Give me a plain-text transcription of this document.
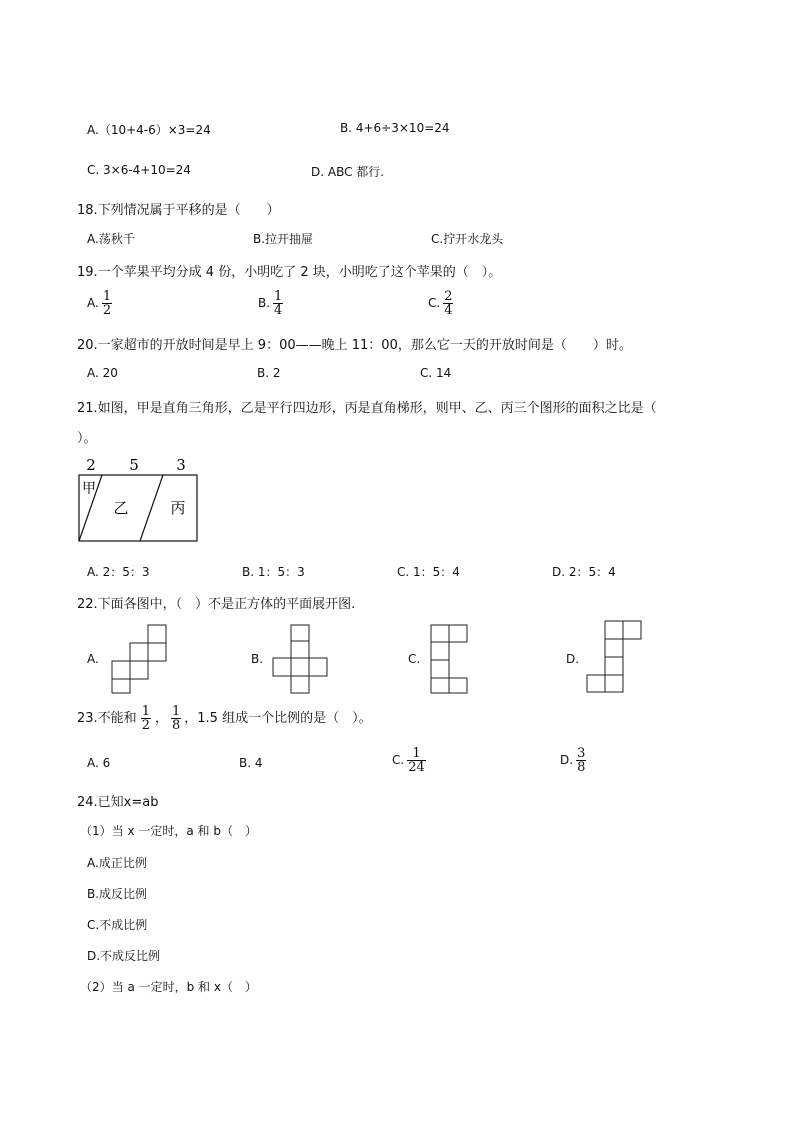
A.（10+4-6）×3=24	B. 4+6÷3×10=24
C. 3×6-4+10=24	D. ABC 都行.
18.下列情况属于平移的是（　　）
A.荡秋千	B.拉开抽屉	C.拧开水龙头
19.一个苹果平均分成 4 份，小明吃了 2 块，小明吃了这个苹果的（　）。
A. $\frac{1}{2}$	B. $\frac{1}{4}$	C. $\frac{2}{4}$
20.一家超市的开放时间是早上 9：00——晚上 11：00，那么它一天的开放时间是（　　）时。
A. 20	B. 2	C. 14
21.如图，甲是直角三角形，乙是平行四边形，丙是直角梯形，则甲、乙、丙三个图形的面积之比是（
）。
2 5 3
甲
乙	丙
A. 2：5：3	B. 1：5：3	C. 1：5：4	D. 2：5：4
22.下面各图中，（　）不是正方体的平面展开图.
A.	B.	C.	D.
23.不能和 $\frac{1}{2}$ ， $\frac{1}{8}$ ，1.5 组成一个比例的是（　）。
A. 6	B. 4	C. $\frac{1}{24}$	D. $\frac{3}{8}$
24.已知x=ab
（1）当 x 一定时，a 和 b（　）
A.成正比例
B.成反比例
C.不成比例
D.不成反比例
（2）当 a 一定时，b 和 x（　）
